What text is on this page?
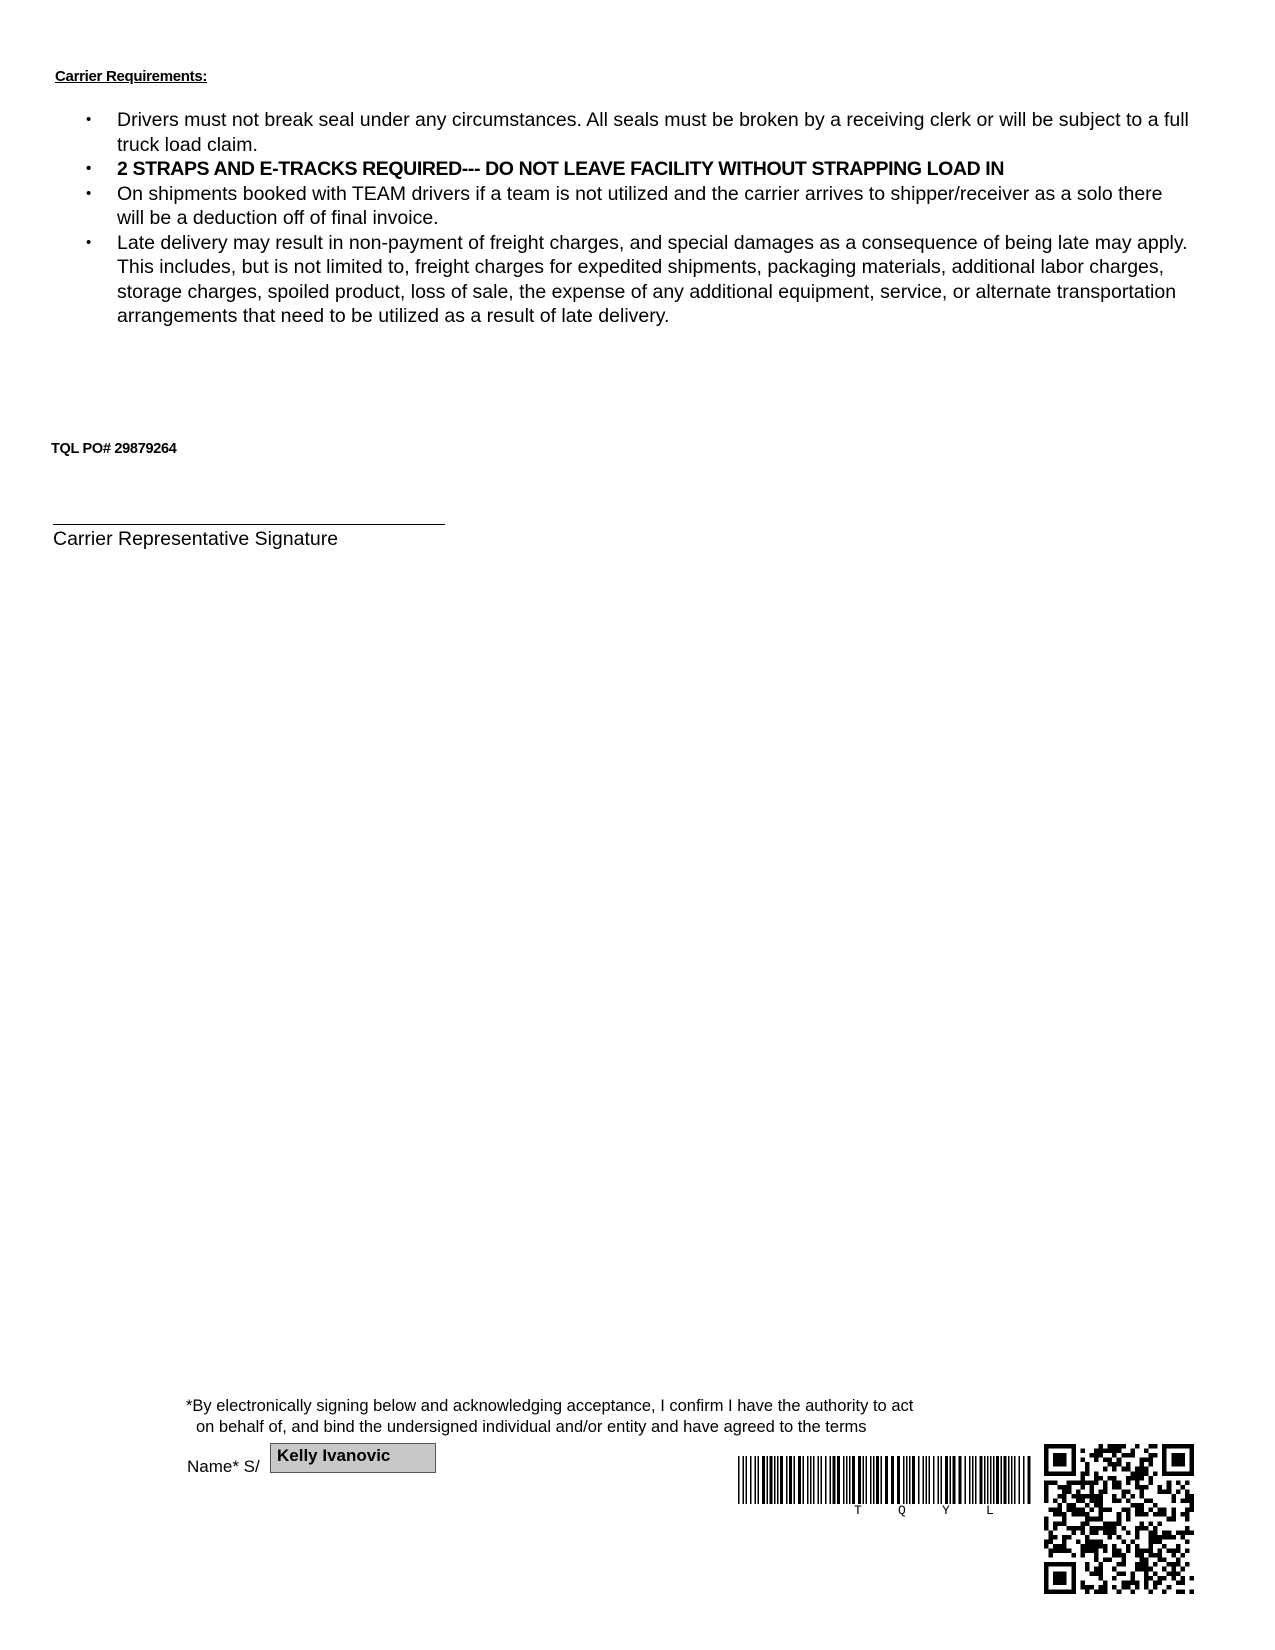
Carrier Requirements:
• Drivers must not break seal under any circumstances. All seals must be broken by a receiving clerk or will be subject to a full truck load claim.
• 2 STRAPS AND E-TRACKS REQUIRED--- DO NOT LEAVE FACILITY WITHOUT STRAPPING LOAD IN
• On shipments booked with TEAM drivers if a team is not utilized and the carrier arrives to shipper/receiver as a solo there will be a deduction off of final invoice.
• Late delivery may result in non-payment of freight charges, and special damages as a consequence of being late may apply. This includes, but is not limited to, freight charges for expedited shipments, packaging materials, additional labor charges, storage charges, spoiled product, loss of sale, the expense of any additional equipment, service, or alternate transportation arrangements that need to be utilized as a result of late delivery.
TQL PO# 29879264
Carrier Representative Signature
*By electronically signing below and acknowledging acceptance, I confirm I have the authority to act
on behalf of, and bind the undersigned individual and/or entity and have agreed to the terms
Name* S/
Kelly Ivanovic
T	Q	Y	L
